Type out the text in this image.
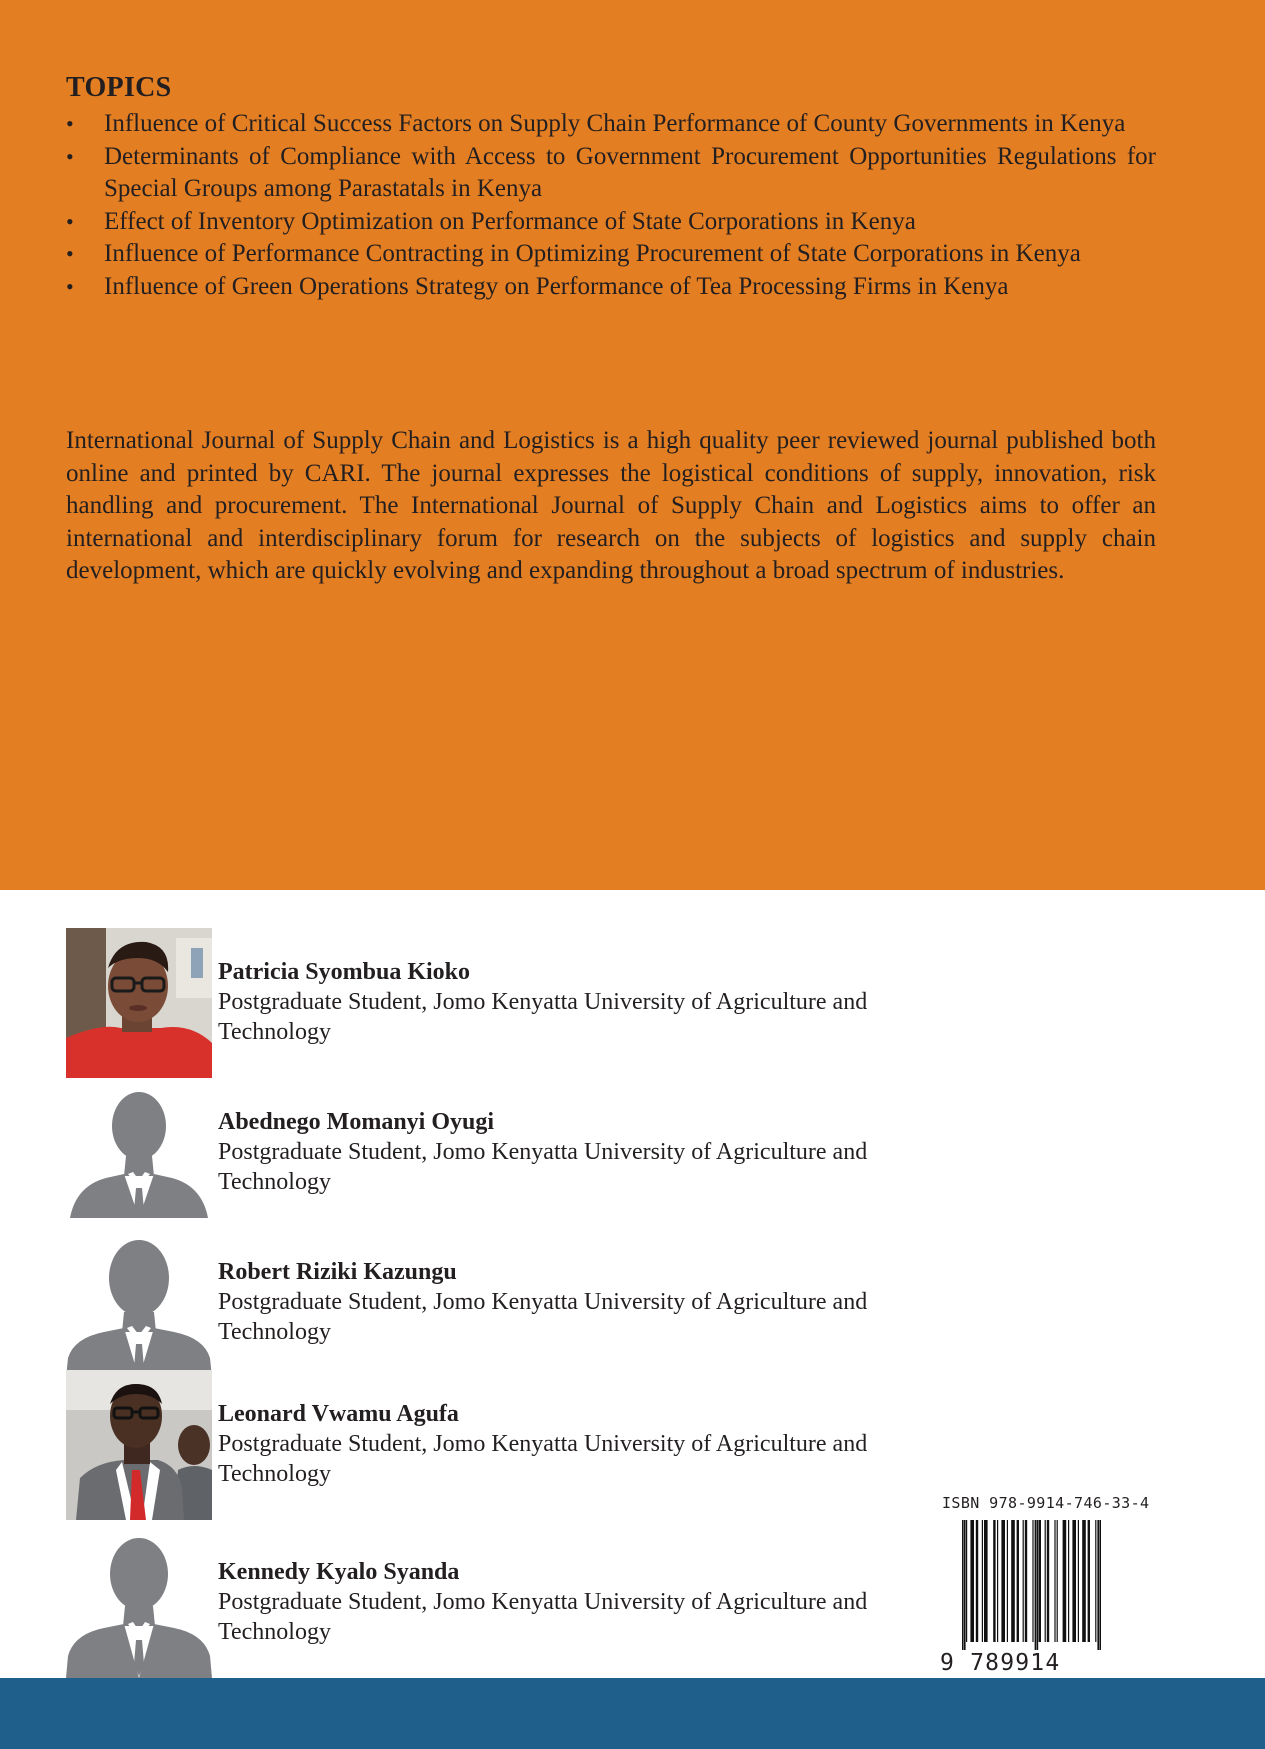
TOPICS
• Influence of Critical Success Factors on Supply Chain Performance of County Governments in Kenya
• Determinants of Compliance with Access to Government Procurement Opportunities Regulations for Special Groups among Parastatals in Kenya
• Effect of Inventory Optimization on Performance of State Corporations in Kenya
• Influence of Performance Contracting in Optimizing Procurement of State Corporations in Kenya
• Influence of Green Operations Strategy on Performance of Tea Processing Firms in Kenya

International Journal of Supply Chain and Logistics is a high quality peer reviewed journal published both online and printed by CARI. The journal expresses the logistical conditions of supply, innovation, risk handling and procurement. The International Journal of Supply Chain and Logistics aims to offer an international and interdisciplinary forum for research on the subjects of logistics and supply chain development, which are quickly evolving and expanding throughout a broad spectrum of industries.

Patricia Syombua Kioko
Postgraduate Student, Jomo Kenyatta University of Agriculture and
Technology
Abednego Momanyi Oyugi
Postgraduate Student, Jomo Kenyatta University of Agriculture and
Technology
Robert Riziki Kazungu
Postgraduate Student, Jomo Kenyatta University of Agriculture and
Technology
Leonard Vwamu Agufa
Postgraduate Student, Jomo Kenyatta University of Agriculture and
Technology
Kennedy Kyalo Syanda
Postgraduate Student, Jomo Kenyatta University of Agriculture and
Technology
ISBN 978-9914-746-33-4
9 789914
